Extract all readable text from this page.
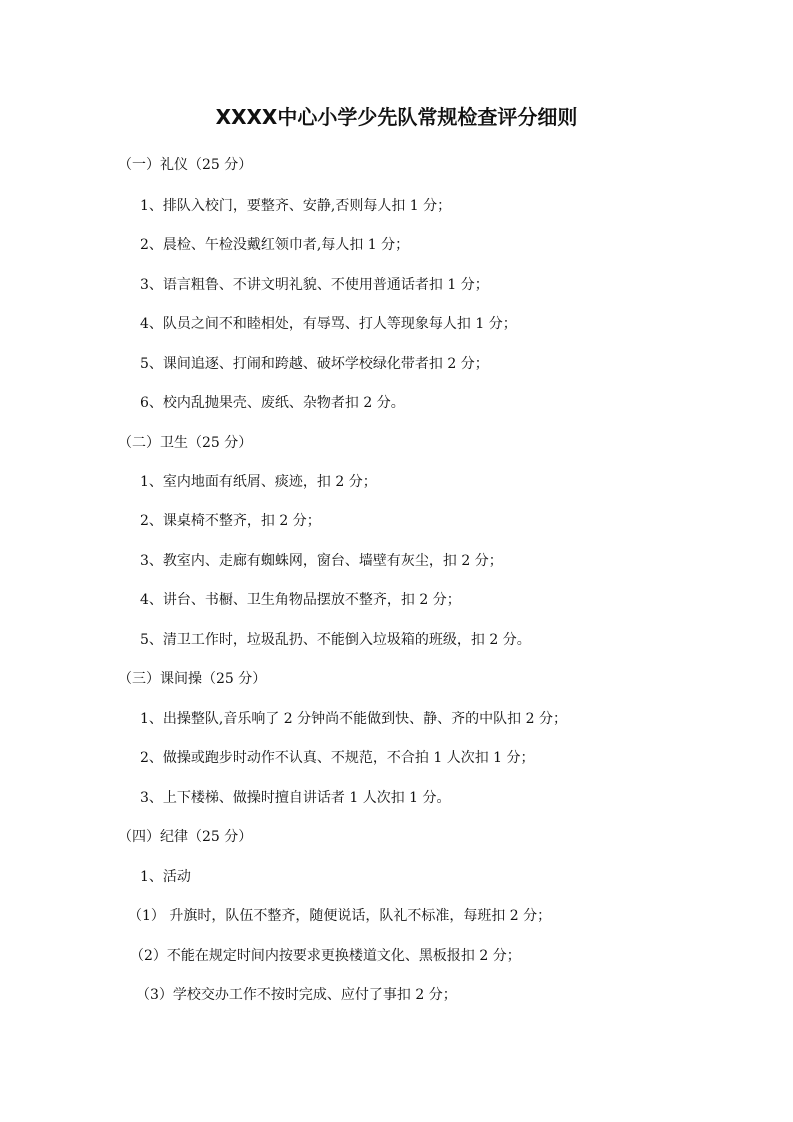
XXXX中心小学少先队常规检查评分细则
（一）礼仪（25 分）
1、排队入校门，要整齐、安静,否则每人扣 1 分；
2、晨检、午检没戴红领巾者,每人扣 1 分；
3、语言粗鲁、不讲文明礼貌、不使用普通话者扣 1 分；
4、队员之间不和睦相处，有辱骂、打人等现象每人扣 1 分；
5、课间追逐、打闹和跨越、破坏学校绿化带者扣 2 分；
6、校内乱抛果壳、废纸、杂物者扣 2 分。
（二）卫生（25 分）
1、室内地面有纸屑、痰迹，扣 2 分；
2、课桌椅不整齐，扣 2 分；
3、教室内、走廊有蜘蛛网，窗台、墙壁有灰尘，扣 2 分；
4、讲台、书橱、卫生角物品摆放不整齐，扣 2 分；
5、清卫工作时，垃圾乱扔、不能倒入垃圾箱的班级，扣 2 分。
（三）课间操（25 分）
1、出操整队,音乐响了 2 分钟尚不能做到快、静、齐的中队扣 2 分；
2、做操或跑步时动作不认真、不规范，不合拍 1 人次扣 1 分；
3、上下楼梯、做操时擅自讲话者 1 人次扣 1 分。
（四）纪律（25 分）
1、活动
（1） 升旗时，队伍不整齐，随便说话，队礼不标准，每班扣 2 分；
（2）不能在规定时间内按要求更换楼道文化、黑板报扣 2 分；
（3）学校交办工作不按时完成、应付了事扣 2 分；
